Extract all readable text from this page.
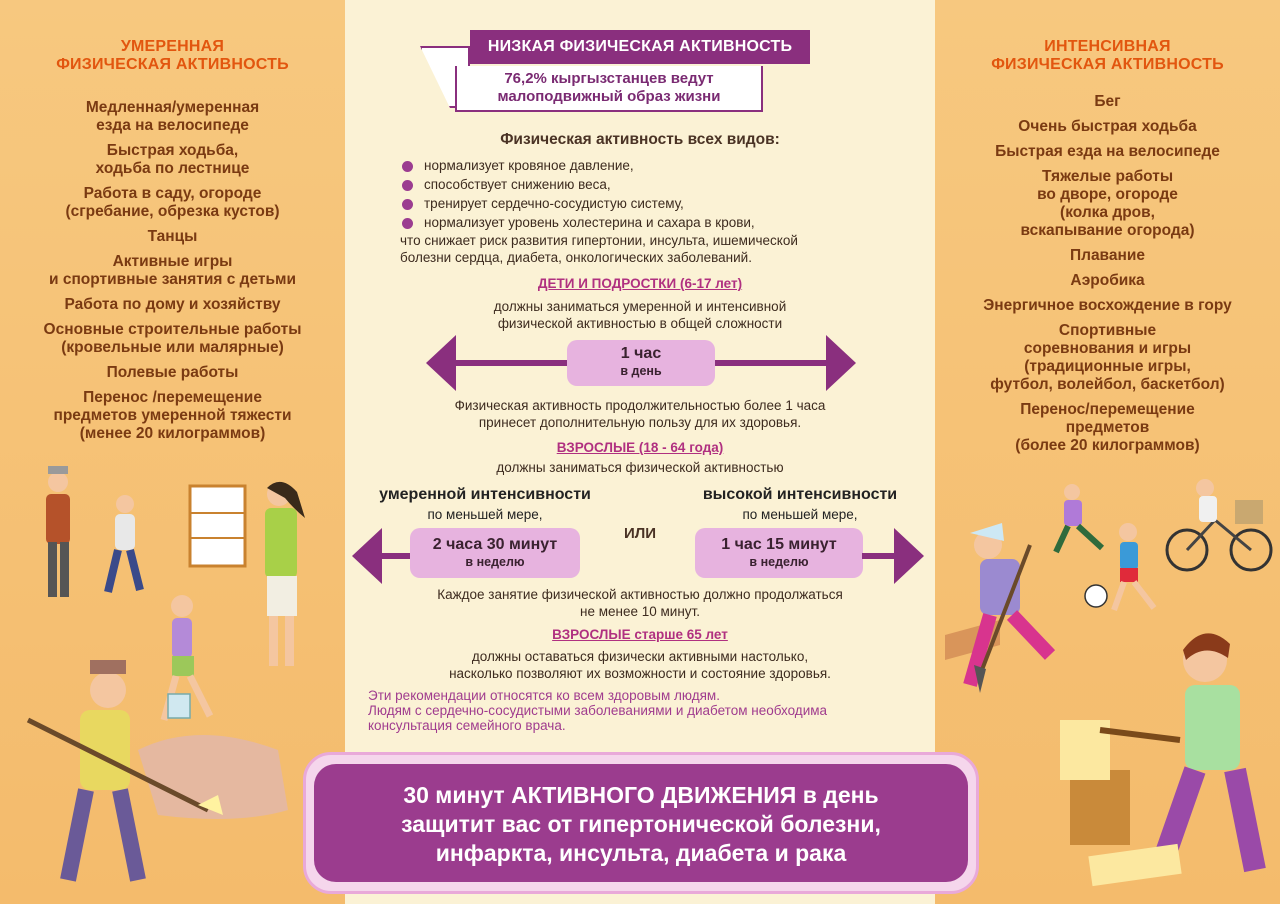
УМЕРЕННАЯ
ФИЗИЧЕСКАЯ АКТИВНОСТЬ
Медленная/умеренная
езда на велосипеде
Быстрая ходьба,
ходьба по лестнице
Работа в саду, огороде
(сгребание, обрезка кустов)
Танцы
Активные игры
и спортивные занятия с детьми
Работа по дому и хозяйству
Основные строительные работы
(кровельные или малярные)
Полевые работы
Перенос /перемещение
предметов умеренной тяжести
(менее 20 килограммов)
ИНТЕНСИВНАЯ
ФИЗИЧЕСКАЯ АКТИВНОСТЬ
Бег
Очень быстрая ходьба
Быстрая езда на велосипеде
Тяжелые работы
во дворе, огороде
(колка дров,
вскапывание огорода)
Плавание
Аэробика
Энергичное восхождение в гору
Спортивные
соревнования и игры
(традиционные игры,
футбол, волейбол, баскетбол)
Перенос/перемещение
предметов
(более 20 килограммов)
НИЗКАЯ ФИЗИЧЕСКАЯ АКТИВНОСТЬ
76,2% кыргызстанцев ведут
малоподвижный образ жизни
Физическая активность всех видов:
нормализует кровяное давление,
способствует снижению веса,
тренирует сердечно-сосудистую систему,
нормализует уровень холестерина и сахара в крови,
что снижает риск развития гипертонии, инсульта, ишемической
болезни сердца, диабета, онкологических заболеваний.
ДЕТИ И ПОДРОСТКИ (6-17 лет)
должны заниматься умеренной и интенсивной
физической активностью в общей сложности
1 час
в день
Физическая активность продолжительностью более 1 часа
принесет дополнительную пользу для их здоровья.
ВЗРОСЛЫЕ (18 - 64 года)
должны заниматься физической активностью
умеренной интенсивности
по меньшей мере,
высокой интенсивности
по меньшей мере,
ИЛИ
2 часа 30 минут
в неделю
1 час 15 минут
в неделю
Каждое занятие физической активностью должно продолжаться
не менее 10 минут.
ВЗРОСЛЫЕ старше 65 лет
должны оставаться физически активными настолько,
насколько позволяют их возможности и состояние здоровья.
Эти рекомендации относятся ко всем здоровым людям.
Людям с сердечно-сосудистыми заболеваниями и диабетом необходима
консультация семейного врача.
30 минут АКТИВНОГО ДВИЖЕНИЯ в день
защитит вас от гипертонической болезни,
инфаркта, инсульта, диабета и рака
